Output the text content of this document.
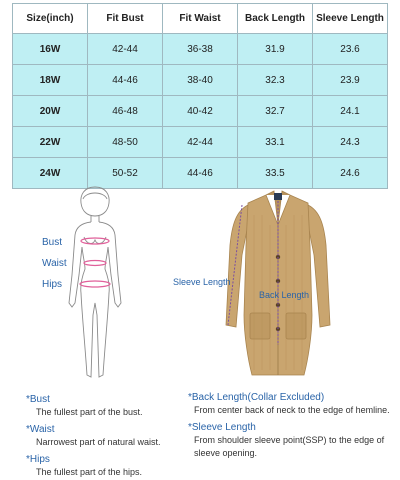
Size(inch)	Fit Bust	Fit Waist	Back Length	Sleeve Length
16W	42-44	36-38	31.9	23.6
18W	44-46	38-40	32.3	23.9
20W	46-48	40-42	32.7	24.1
22W	48-50	42-44	33.1	24.3
24W	50-52	44-46	33.5	24.6
Bust
Waist
Hips	Sleeve Length
Back Length
*Bust
The fullest part of the bust.
*Waist
Narrowest part of natural waist.
*Hips
The fullest part of the hips.
*Back Length(Collar Excluded)
From center back of neck to the edge of hemline.
*Sleeve Length
From shoulder sleeve point(SSP) to the edge of sleeve opening.
